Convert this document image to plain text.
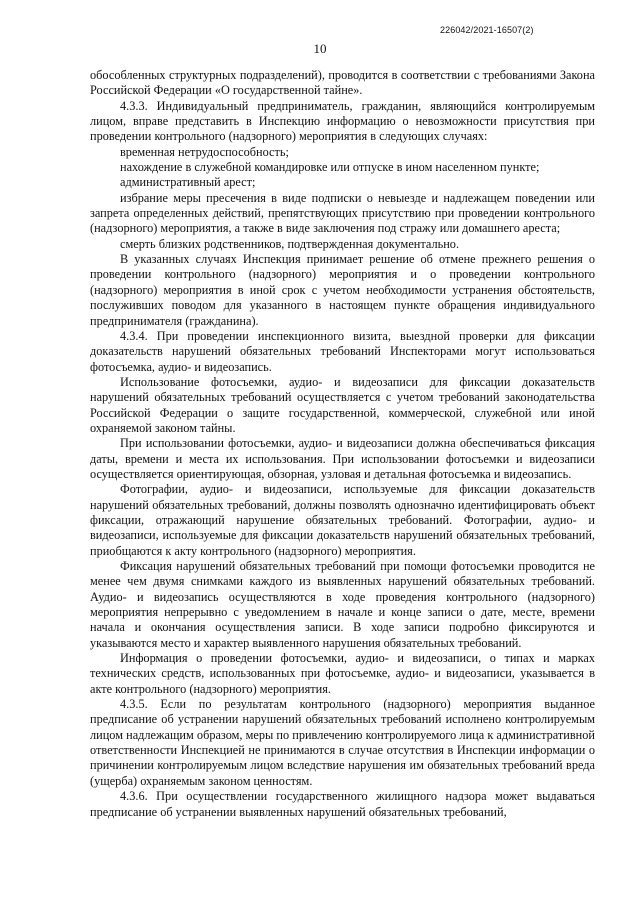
226042/2021-16507(2)
10

обособленных структурных подразделений), проводится в соответствии с требованиями Закона Российской Федерации «О государственной тайне».

4.3.3. Индивидуальный предприниматель, гражданин, являющийся контролируемым лицом, вправе представить в Инспекцию информацию о невозможности присутствия при проведении контрольного (надзорного) мероприятия в следующих случаях:

временная нетрудоспособность;

нахождение в служебной командировке или отпуске в ином населенном пункте;

административный арест;

избрание меры пресечения в виде подписки о невыезде и надлежащем поведении или запрета определенных действий, препятствующих присутствию при проведении контрольного (надзорного) мероприятия, а также в виде заключения под стражу или домашнего ареста;

смерть близких родственников, подтвержденная документально.

В указанных случаях Инспекция принимает решение об отмене прежнего решения о проведении контрольного (надзорного) мероприятия и о проведении контрольного (надзорного) мероприятия в иной срок с учетом необходимости устранения обстоятельств, послуживших поводом для указанного в настоящем пункте обращения индивидуального предпринимателя (гражданина).

4.3.4. При проведении инспекционного визита, выездной проверки для фиксации доказательств нарушений обязательных требований Инспекторами могут использоваться фотосъемка, аудио- и видеозапись.

Использование фотосъемки, аудио- и видеозаписи для фиксации доказательств нарушений обязательных требований осуществляется с учетом требований законодательства Российской Федерации о защите государственной, коммерческой, служебной или иной охраняемой законом тайны.

При использовании фотосъемки, аудио- и видеозаписи должна обеспечиваться фиксация даты, времени и места их использования. При использовании фотосъемки и видеозаписи осуществляется ориентирующая, обзорная, узловая и детальная фотосъемка и видеозапись.

Фотографии, аудио- и видеозаписи, используемые для фиксации доказательств нарушений обязательных требований, должны позволять однозначно идентифицировать объект фиксации, отражающий нарушение обязательных требований. Фотографии, аудио- и видеозаписи, используемые для фиксации доказательств нарушений обязательных требований, приобщаются к акту контрольного (надзорного) мероприятия.

Фиксация нарушений обязательных требований при помощи фотосъемки проводится не менее чем двумя снимками каждого из выявленных нарушений обязательных требований. Аудио- и видеозапись осуществляются в ходе проведения контрольного (надзорного) мероприятия непрерывно с уведомлением в начале и конце записи о дате, месте, времени начала и окончания осуществления записи. В ходе записи подробно фиксируются и указываются место и характер выявленного нарушения обязательных требований.

Информация о проведении фотосъемки, аудио- и видеозаписи, о типах и марках технических средств, использованных при фотосъемке, аудио- и видеозаписи, указывается в акте контрольного (надзорного) мероприятия.

4.3.5. Если по результатам контрольного (надзорного) мероприятия выданное предписание об устранении нарушений обязательных требований исполнено контролируемым лицом надлежащим образом, меры по привлечению контролируемого лица к административной ответственности Инспекцией не принимаются в случае отсутствия в Инспекции информации о причинении контролируемым лицом вследствие нарушения им обязательных требований вреда (ущерба) охраняемым законом ценностям.

4.3.6. При осуществлении государственного жилищного надзора может выдаваться предписание об устранении выявленных нарушений обязательных требований,
